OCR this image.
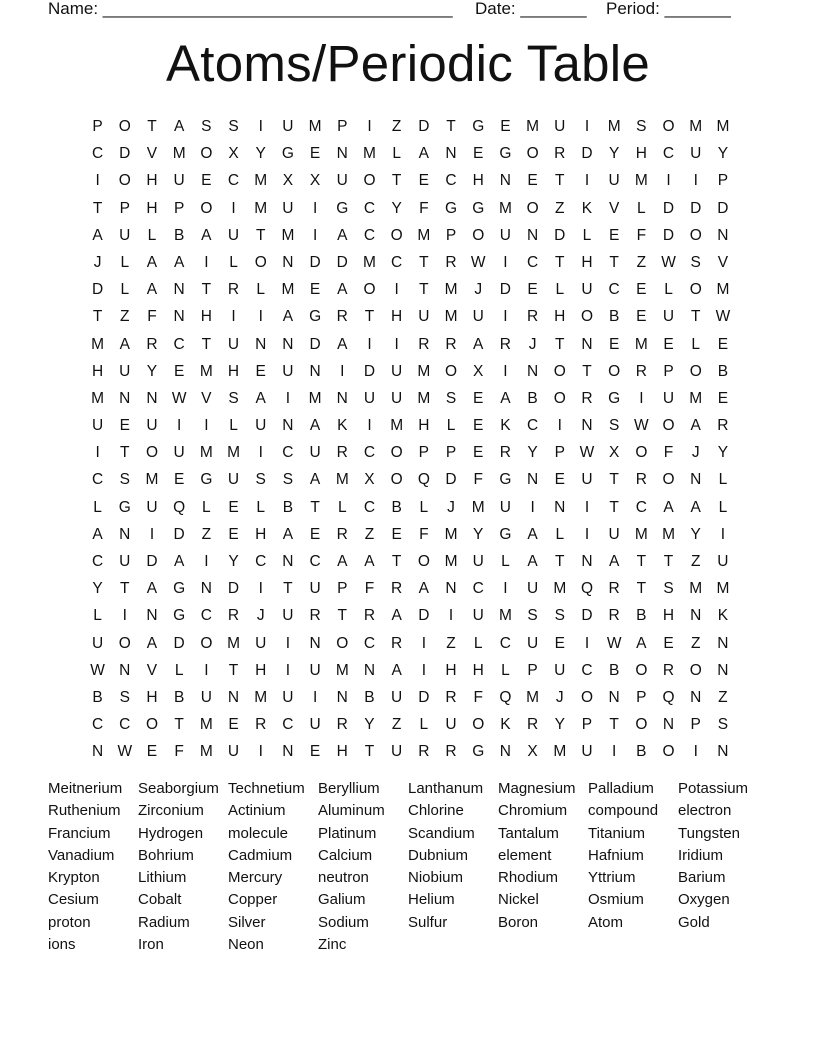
Name: _____________________________________ Date: _______ Period: _______
Atoms/Periodic Table
P	O	T	A	S	S	I	U M	P	I	Z	D	T	G	E	M U	I	M	S	O M M
C	D	V	M O	X	Y	G	E	N M	L	A	N	E	G O	R	D	Y	H	C	U	Y
I	O	H	U	E	C M	X	X	U	O	T	E	C	H	N	E	T	I	U M	I	I	P
T	P	H	P	O	I	M U	I	G	C	Y	F	G G M O	Z	K	V	L	D	D	D
A	U	L	B	A	U	T	M	I	A	C	O M	P	O	U	N	D	L	E	F	D	O	N
J	L	A	A	I	L	O	N	D	D M C	T	R W	I	C	T	H	T	Z W S	V
D	L	A	N	T	R	L	M	E	A	O	I	T	M	J	D	E	L	U	C	E	L	O M
T	Z	F	N	H	I	I	A	G	R	T	H	U M U	I	R	H	O	B	E	U	T W
M	A	R	C	T	U	N	N	D	A	I	I	R	R	A	R	J	T	N	E	M	E	L	E
H	U	Y	E	M H	E	U	N	I	D	U M O	X	I	N	O	T	O	R	P	O	B
M N	N W V	S	A	I	M N	U	U M	S	E	A	B	O	R	G	I	U M	E
U	E	U	I	I	L	U	N	A	K	I	M H	L	E	K	C	I	N	S W O	A	R
I	T	O	U M M	I	C	U	R	C	O	P	P	E	R	Y	P W X	O	F	J	Y
C	S	M	E	G	U	S	S	A	M	X	O Q	D	F	G	N	E	U	T	R	O	N	L
L	G	U	Q	L	E	L	B	T	L	C	B	L	J	M U	I	N	I	T	C	A	A	L
A	N	I	D	Z	E	H	A	E	R	Z	E	F	M	Y	G	A	L	I	U M M	Y	I
C	U	D	A	I	Y	C	N	C	A	A	T	O M U	L	A	T	N	A	T	T	Z	U
Y	T	A	G	N	D	I	T	U	P	F	R	A	N	C	I	U M Q	R	T	S	M M
L	I	N	G	C	R	J	U	R	T	R	A	D	I	U M	S	S	D	R	B	H	N	K
U	O	A	D	O M U	I	N	O	C	R	I	Z	L	C	U	E	I	W A	E	Z	N
W N	V	L	I	T	H	I	U M N	A	I	H	H	L	P	U	C	B	O	R	O	N
B	S	H	B	U	N M U	I	N	B	U	D	R	F	Q M	J	O	N	P	Q	N	Z
C	C	O	T	M	E	R	C	U	R	Y	Z	L	U	O	K	R	Y	P	T	O	N	P	S
N W E	F	M U	I	N	E	H	T	U	R	R	G	N	X	M U	I	B	O	I	N
Meitnerium	Seaborgium Technetium Beryllium	Lanthanum Magnesium Palladium	Potassium
Ruthenium	Zirconium	Actinium	Aluminum	Chlorine	Chromium	compound	electron
Francium	Hydrogen	molecule	Platinum	Scandium	Tantalum	Titanium	Tungsten
Vanadium	Bohrium	Cadmium	Calcium	Dubnium	element	Hafnium	Iridium
Krypton	Lithium	Mercury	neutron	Niobium	Rhodium	Yttrium	Barium
Cesium	Cobalt	Copper	Galium	Helium	Nickel	Osmium	Oxygen
proton	Radium	Silver	Sodium	Sulfur	Boron	Atom	Gold
ions	Iron	Neon	Zinc
